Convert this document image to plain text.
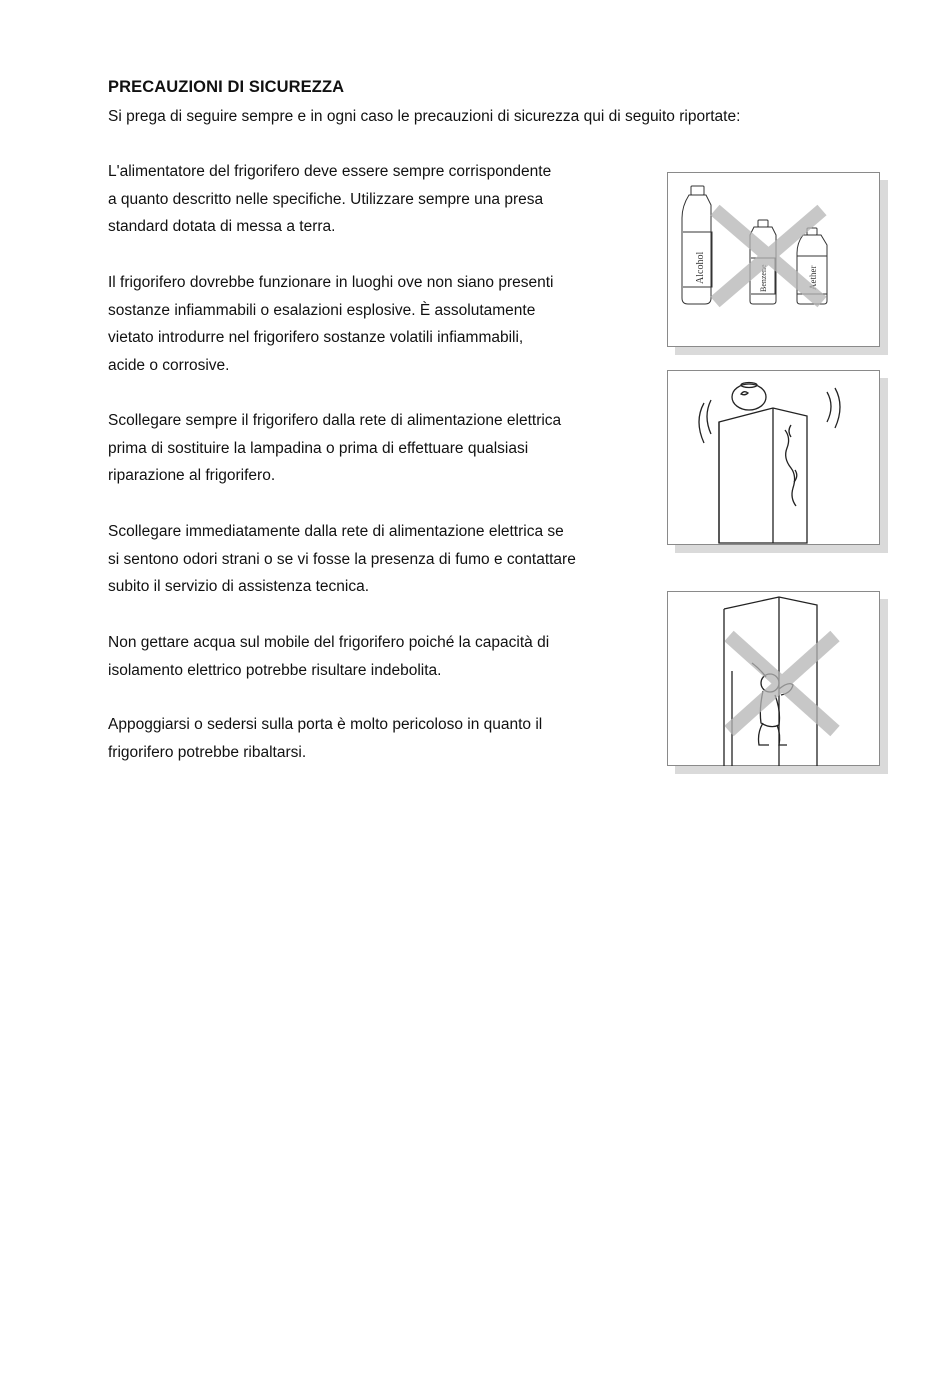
PRECAUZIONI DI SICUREZZA

Si prega di seguire sempre e in ogni caso le precauzioni di sicurezza qui di seguito riportate:

L'alimentatore del frigorifero deve essere sempre corrispondente
a quanto descritto nelle specifiche. Utilizzare sempre una presa
standard dotata di messa a terra.

Il frigorifero dovrebbe funzionare in luoghi ove non siano presenti
sostanze infiammabili o esalazioni esplosive. È assolutamente
vietato introdurre nel frigorifero sostanze volatili infiammabili,
acide o corrosive.

Scollegare sempre il frigorifero dalla rete di alimentazione elettrica
prima di sostituire la lampadina o prima di effettuare qualsiasi
riparazione al frigorifero.

Scollegare immediatamente dalla rete di alimentazione elettrica se
si sentono odori strani o se vi fosse la presenza di fumo e contattare
subito il servizio di assistenza tecnica.

Non gettare acqua sul mobile del frigorifero poiché la capacità di
isolamento elettrico potrebbe risultare indebolita.

Appoggiarsi o sedersi sulla porta è molto pericoloso in quanto il
frigorifero potrebbe ribaltarsi.

Alcohol	Benzene	Aether
